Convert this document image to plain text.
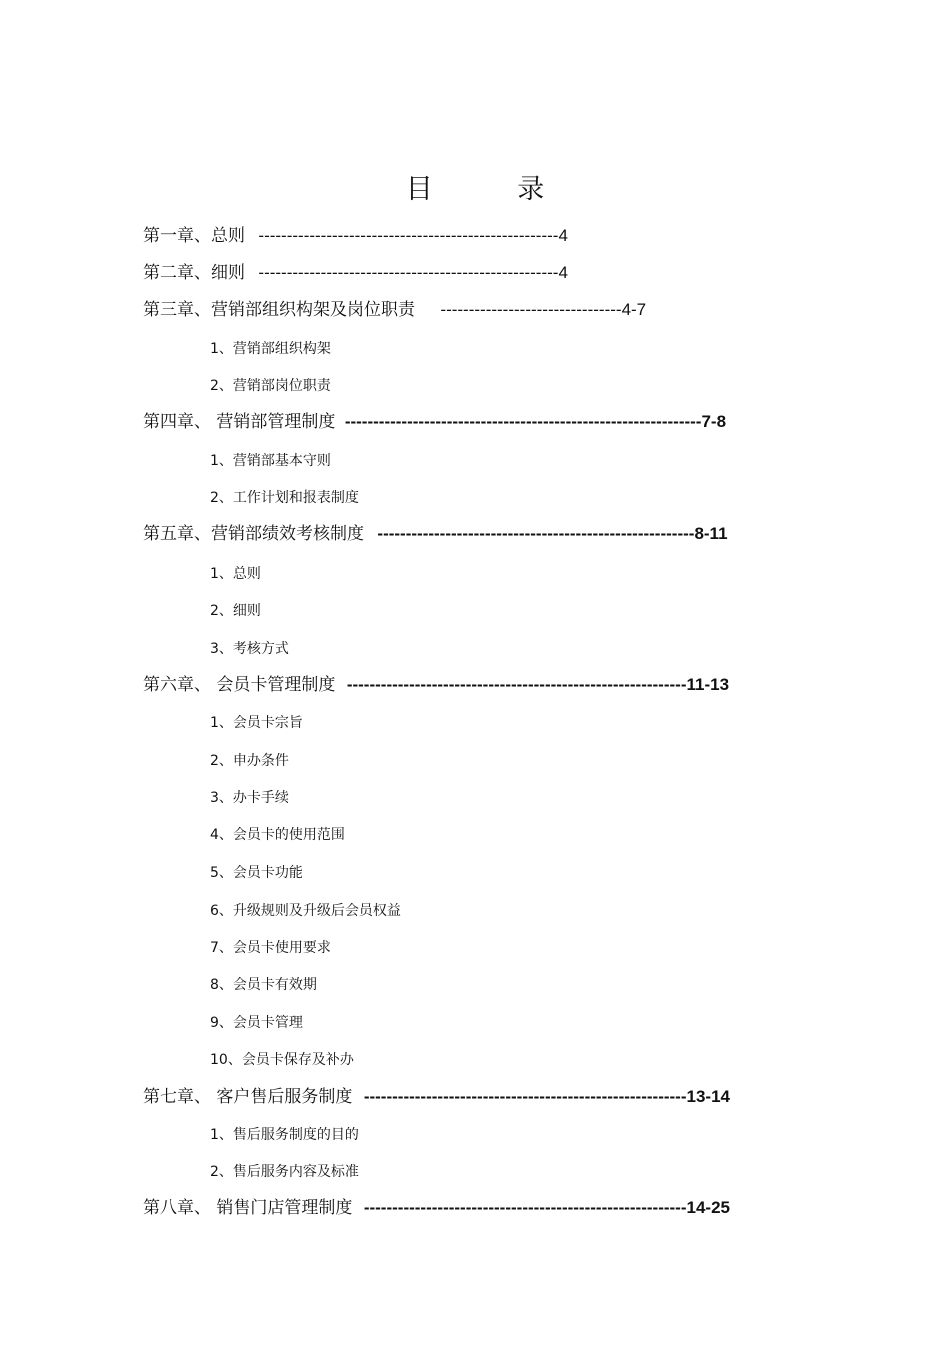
目 录
第一章、总则 -----------------------------------------------------4
第二章、细则 -----------------------------------------------------4
第三章、营销部组织构架及岗位职责 --------------------------------4-7
1、营销部组织构架
2、营销部岗位职责
第四章、 营销部管理制度 ---------------------------------------------------------------7-8
1、营销部基本守则
2、工作计划和报表制度
第五章、营销部绩效考核制度 --------------------------------------------------------8-11
1、总则
2、细则
3、考核方式
第六章、 会员卡管理制度 ------------------------------------------------------------11-13
1、会员卡宗旨
2、申办条件
3、办卡手续
4、会员卡的使用范围
5、会员卡功能
6、升级规则及升级后会员权益
7、会员卡使用要求
8、会员卡有效期
9、会员卡管理
10、会员卡保存及补办
第七章、 客户售后服务制度 ---------------------------------------------------------13-14
1、售后服务制度的目的
2、售后服务内容及标准
第八章、 销售门店管理制度 ---------------------------------------------------------14-25
